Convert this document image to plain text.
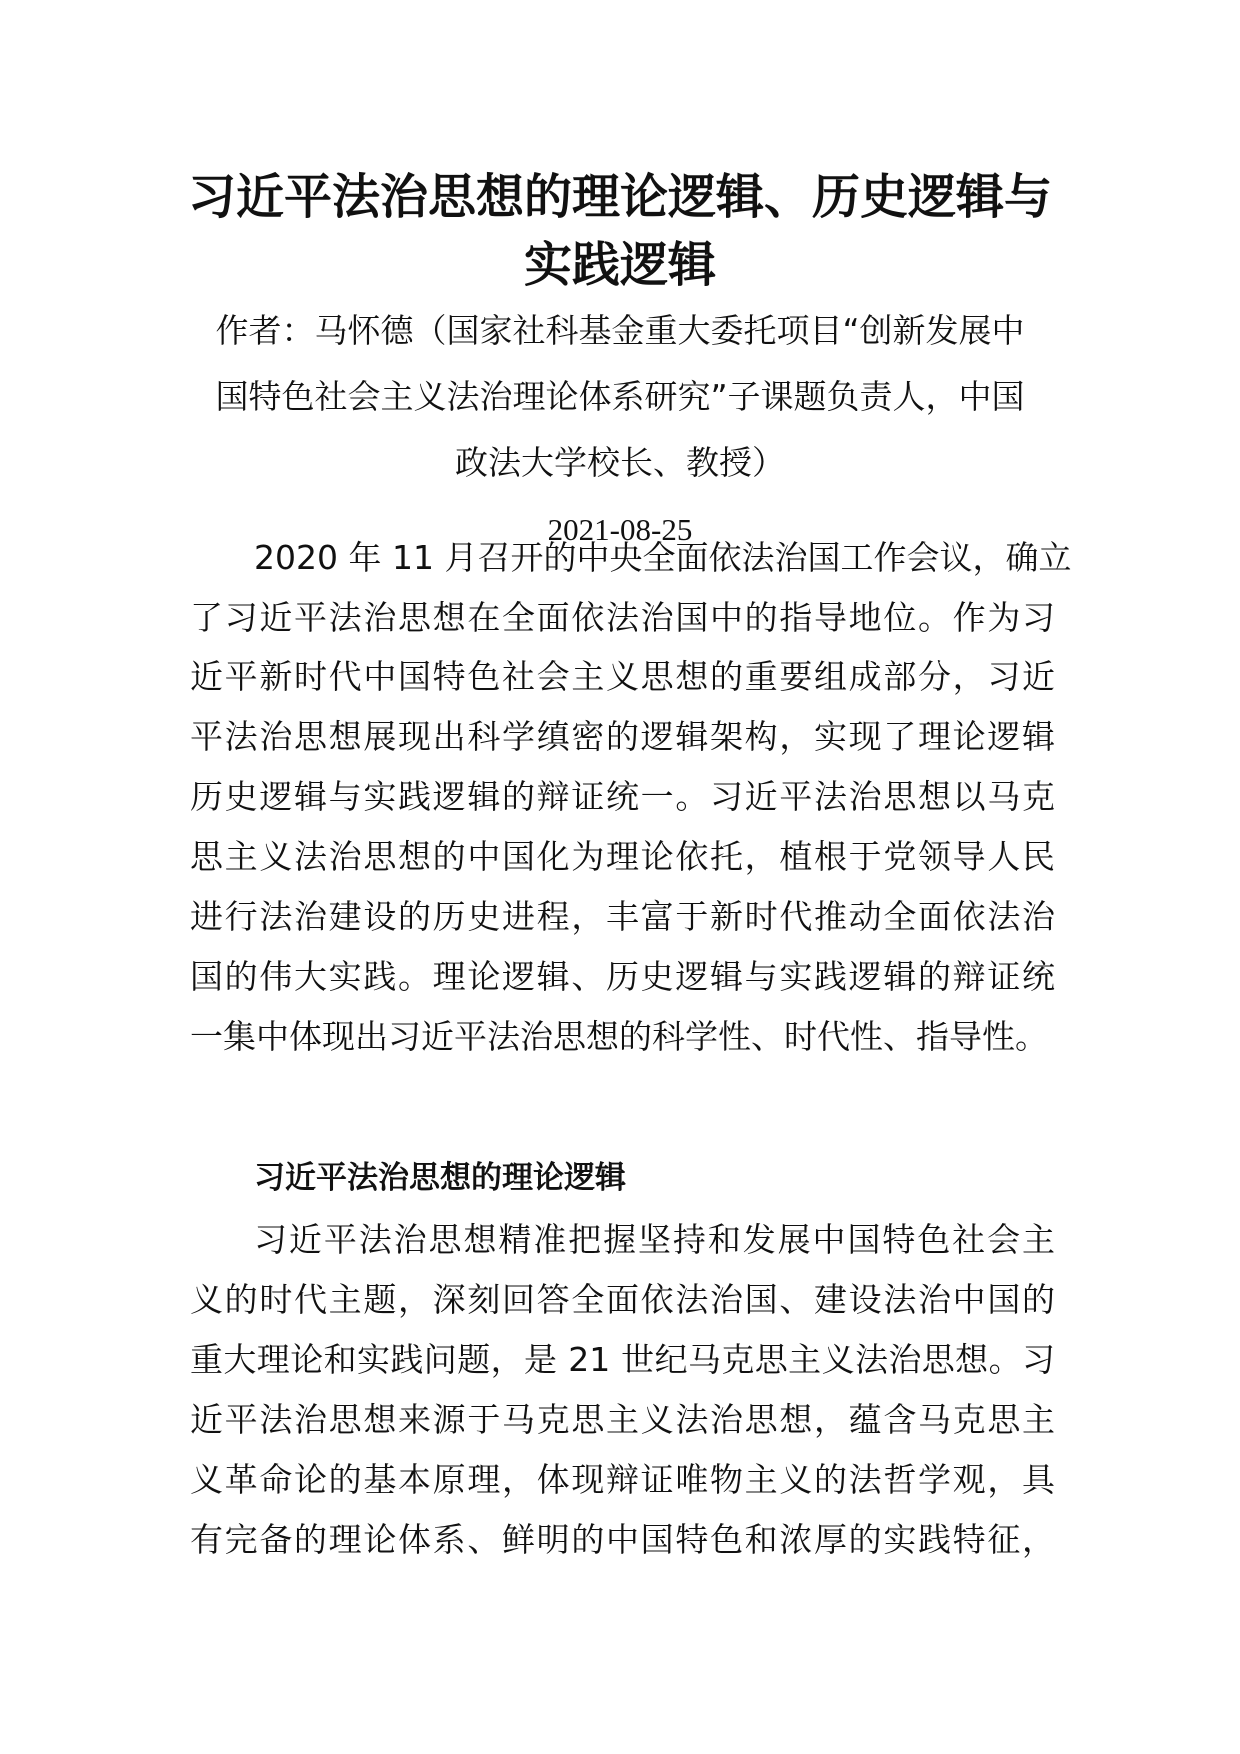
习近平法治思想的理论逻辑、历史逻辑与
实践逻辑
作者：马怀德（国家社科基金重大委托项目“创新发展中
国特色社会主义法治理论体系研究”子课题负责人，中国
政法大学校长、教授）
2021-08-25
2020 年 11 月召开的中央全面依法治国工作会议，确立
了习近平法治思想在全面依法治国中的指导地位。作为习
近平新时代中国特色社会主义思想的重要组成部分，习近
平法治思想展现出科学缜密的逻辑架构，实现了理论逻辑
历史逻辑与实践逻辑的辩证统一。习近平法治思想以马克
思主义法治思想的中国化为理论依托，植根于党领导人民
进行法治建设的历史进程，丰富于新时代推动全面依法治
国的伟大实践。理论逻辑、历史逻辑与实践逻辑的辩证统
一集中体现出习近平法治思想的科学性、时代性、指导性。
习近平法治思想的理论逻辑
习近平法治思想精准把握坚持和发展中国特色社会主
义的时代主题，深刻回答全面依法治国、建设法治中国的
重大理论和实践问题，是 21 世纪马克思主义法治思想。习
近平法治思想来源于马克思主义法治思想，蕴含马克思主
义革命论的基本原理，体现辩证唯物主义的法哲学观，具
有完备的理论体系、鲜明的中国特色和浓厚的实践特征，
